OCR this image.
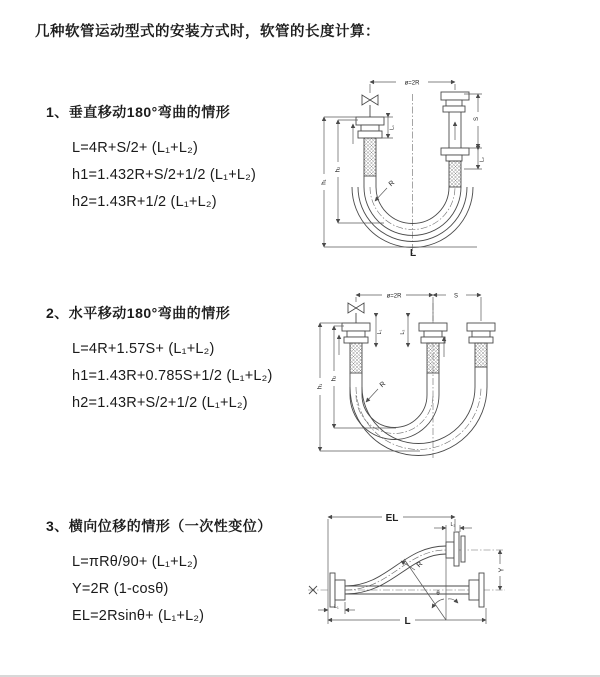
几种软管运动型式的安装方式时，软管的长度计算：
1、垂直移动180°弯曲的情形
L=4R+S/2+ (L₁+L₂)
h1=1.432R+S/2+1/2 (L₁+L₂)
h2=1.43R+1/2 (L₁+L₂)
ø=2R
S
L₂
L₁
h₁
h₂
R
L
2、水平移动180°弯曲的情形
L=4R+1.57S+ (L₁+L₂)
h1=1.43R+0.785S+1/2 (L₁+L₂)
h2=1.43R+S/2+1/2 (L₁+L₂)
ø=2R	S
L₁	L₂
h₁
h₂
R
3、横向位移的情形（一次性变位）
L=πRθ/90+ (L₁+L₂)
Y=2R (1-cosθ)
EL=2Rsinθ+ (L₁+L₂)
EL
L₂
Y
θ
R
L
L₁
